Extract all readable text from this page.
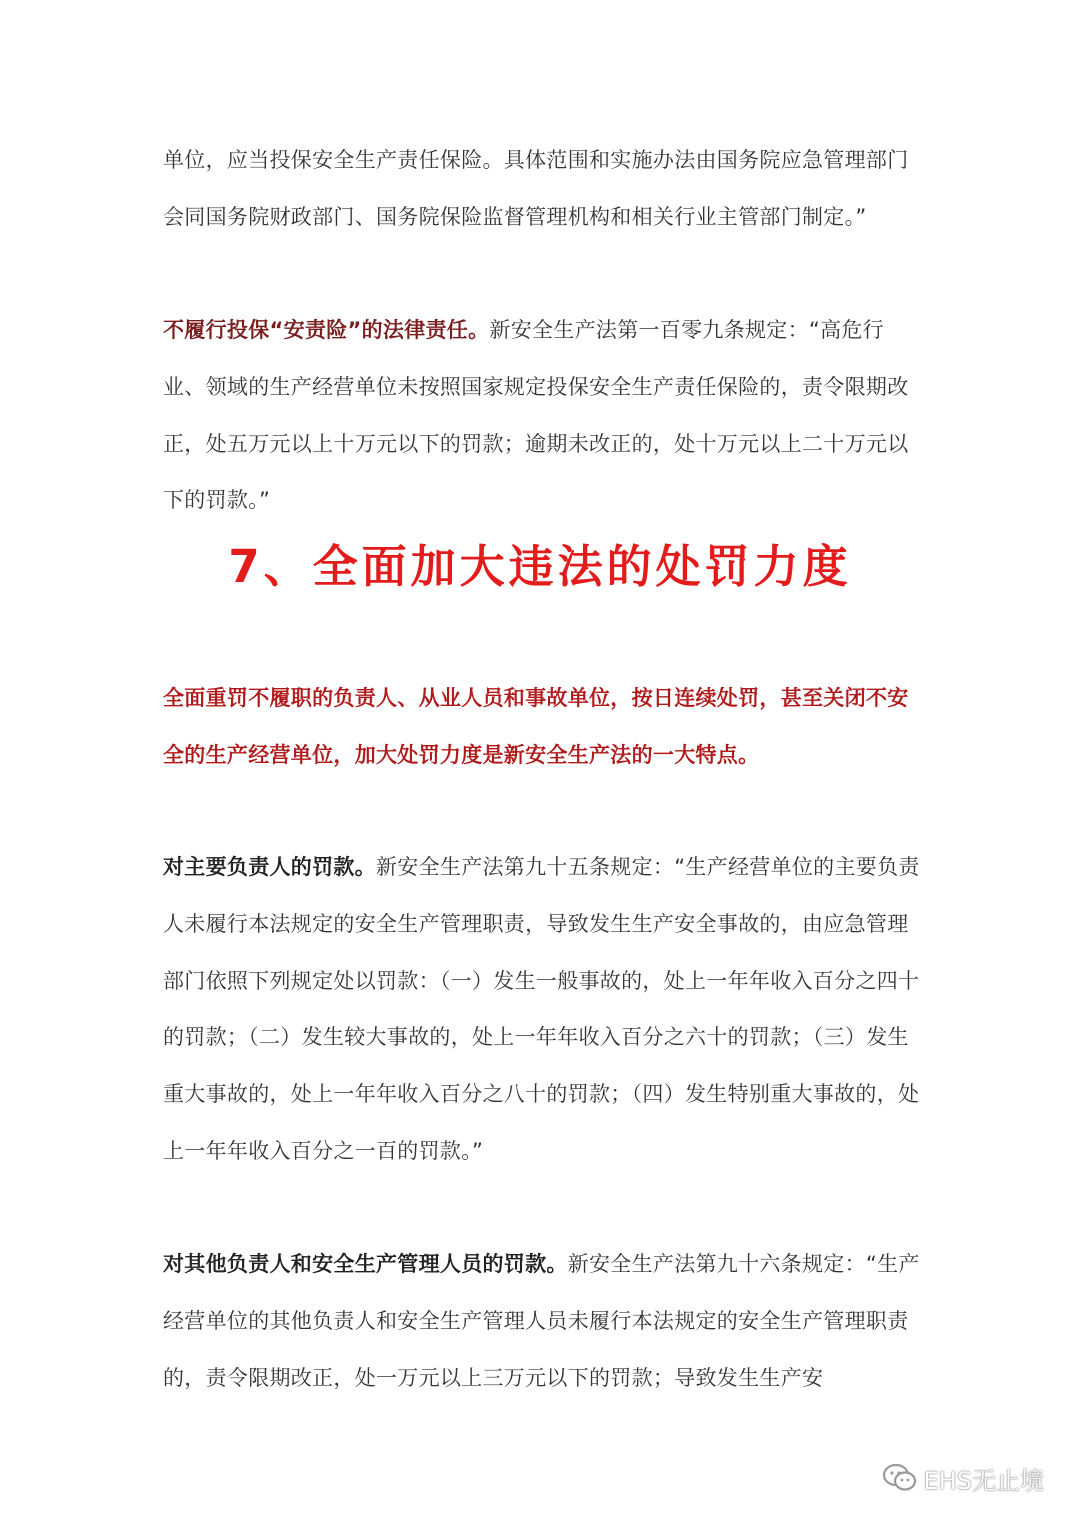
单位，应当投保安全生产责任保险。具体范围和实施办法由国务院应急管理部门会同国务院财政部门、国务院保险监督管理机构和相关行业主管部门制定。”

不履行投保“安责险”的法律责任。新安全生产法第一百零九条规定：“高危行业、领域的生产经营单位未按照国家规定投保安全生产责任保险的，责令限期改正，处五万元以上十万元以下的罚款；逾期未改正的，处十万元以上二十万元以下的罚款。”

7、全面加大违法的处罚力度

全面重罚不履职的负责人、从业人员和事故单位，按日连续处罚，甚至关闭不安全的生产经营单位，加大处罚力度是新安全生产法的一大特点。

对主要负责人的罚款。新安全生产法第九十五条规定：“生产经营单位的主要负责人未履行本法规定的安全生产管理职责，导致发生生产安全事故的，由应急管理部门依照下列规定处以罚款：（一）发生一般事故的，处上一年年收入百分之四十的罚款；（二）发生较大事故的，处上一年年收入百分之六十的罚款；（三）发生重大事故的，处上一年年收入百分之八十的罚款；（四）发生特别重大事故的，处上一年年收入百分之一百的罚款。”

对其他负责人和安全生产管理人员的罚款。新安全生产法第九十六条规定：“生产经营单位的其他负责人和安全生产管理人员未履行本法规定的安全生产管理职责的，责令限期改正，处一万元以上三万元以下的罚款；导致发生生产安

EHS无止境
